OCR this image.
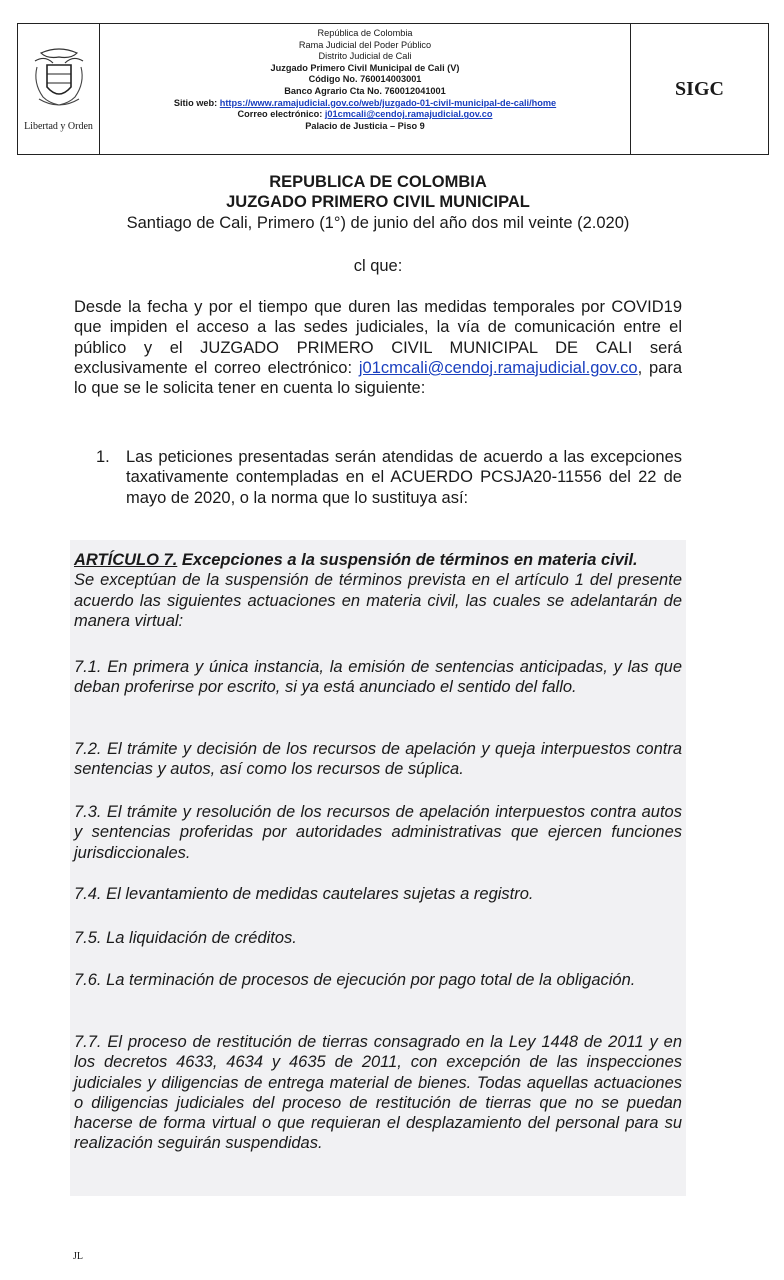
Libertad y Orden
República de Colombia
Rama Judicial del Poder Público
Distrito Judicial de Cali
Juzgado Primero Civil Municipal de Cali (V)
Código No. 760014003001
Banco Agrario Cta No. 760012041001
Sitio web: https://www.ramajudicial.gov.co/web/juzgado-01-civil-municipal-de-cali/home
Correo electrónico: j01cmcali@cendoj.ramajudicial.gov.co
Palacio de Justicia – Piso 9
SIGC
REPUBLICA DE COLOMBIA
JUZGADO PRIMERO CIVIL MUNICIPAL
Santiago de Cali, Primero (1°) de junio del año dos mil veinte (2.020)
cl que:
Desde la fecha y por el tiempo que duren las medidas temporales por COVID19 que impiden el acceso a las sedes judiciales, la vía de comunicación entre el público y el JUZGADO PRIMERO CIVIL MUNICIPAL DE CALI será exclusivamente el correo electrónico: j01cmcali@cendoj.ramajudicial.gov.co, para lo que se le solicita tener en cuenta lo siguiente:
1. Las peticiones presentadas serán atendidas de acuerdo a las excepciones taxativamente contempladas en el ACUERDO PCSJA20-11556 del 22 de mayo de 2020, o la norma que lo sustituya así:
ARTÍCULO 7. Excepciones a la suspensión de términos en materia civil.
Se exceptúan de la suspensión de términos prevista en el artículo 1 del presente acuerdo las siguientes actuaciones en materia civil, las cuales se adelantarán de manera virtual:
7.1. En primera y única instancia, la emisión de sentencias anticipadas, y las que deban proferirse por escrito, si ya está anunciado el sentido del fallo.
7.2. El trámite y decisión de los recursos de apelación y queja interpuestos contra sentencias y autos, así como los recursos de súplica.
7.3. El trámite y resolución de los recursos de apelación interpuestos contra autos y sentencias proferidas por autoridades administrativas que ejercen funciones jurisdiccionales.
7.4. El levantamiento de medidas cautelares sujetas a registro.
7.5. La liquidación de créditos.
7.6. La terminación de procesos de ejecución por pago total de la obligación.
7.7. El proceso de restitución de tierras consagrado en la Ley 1448 de 2011 y en los decretos 4633, 4634 y 4635 de 2011, con excepción de las inspecciones judiciales y diligencias de entrega material de bienes. Todas aquellas actuaciones o diligencias judiciales del proceso de restitución de tierras que no se puedan hacerse de forma virtual o que requieran el desplazamiento del personal para su realización seguirán suspendidas.
JL
